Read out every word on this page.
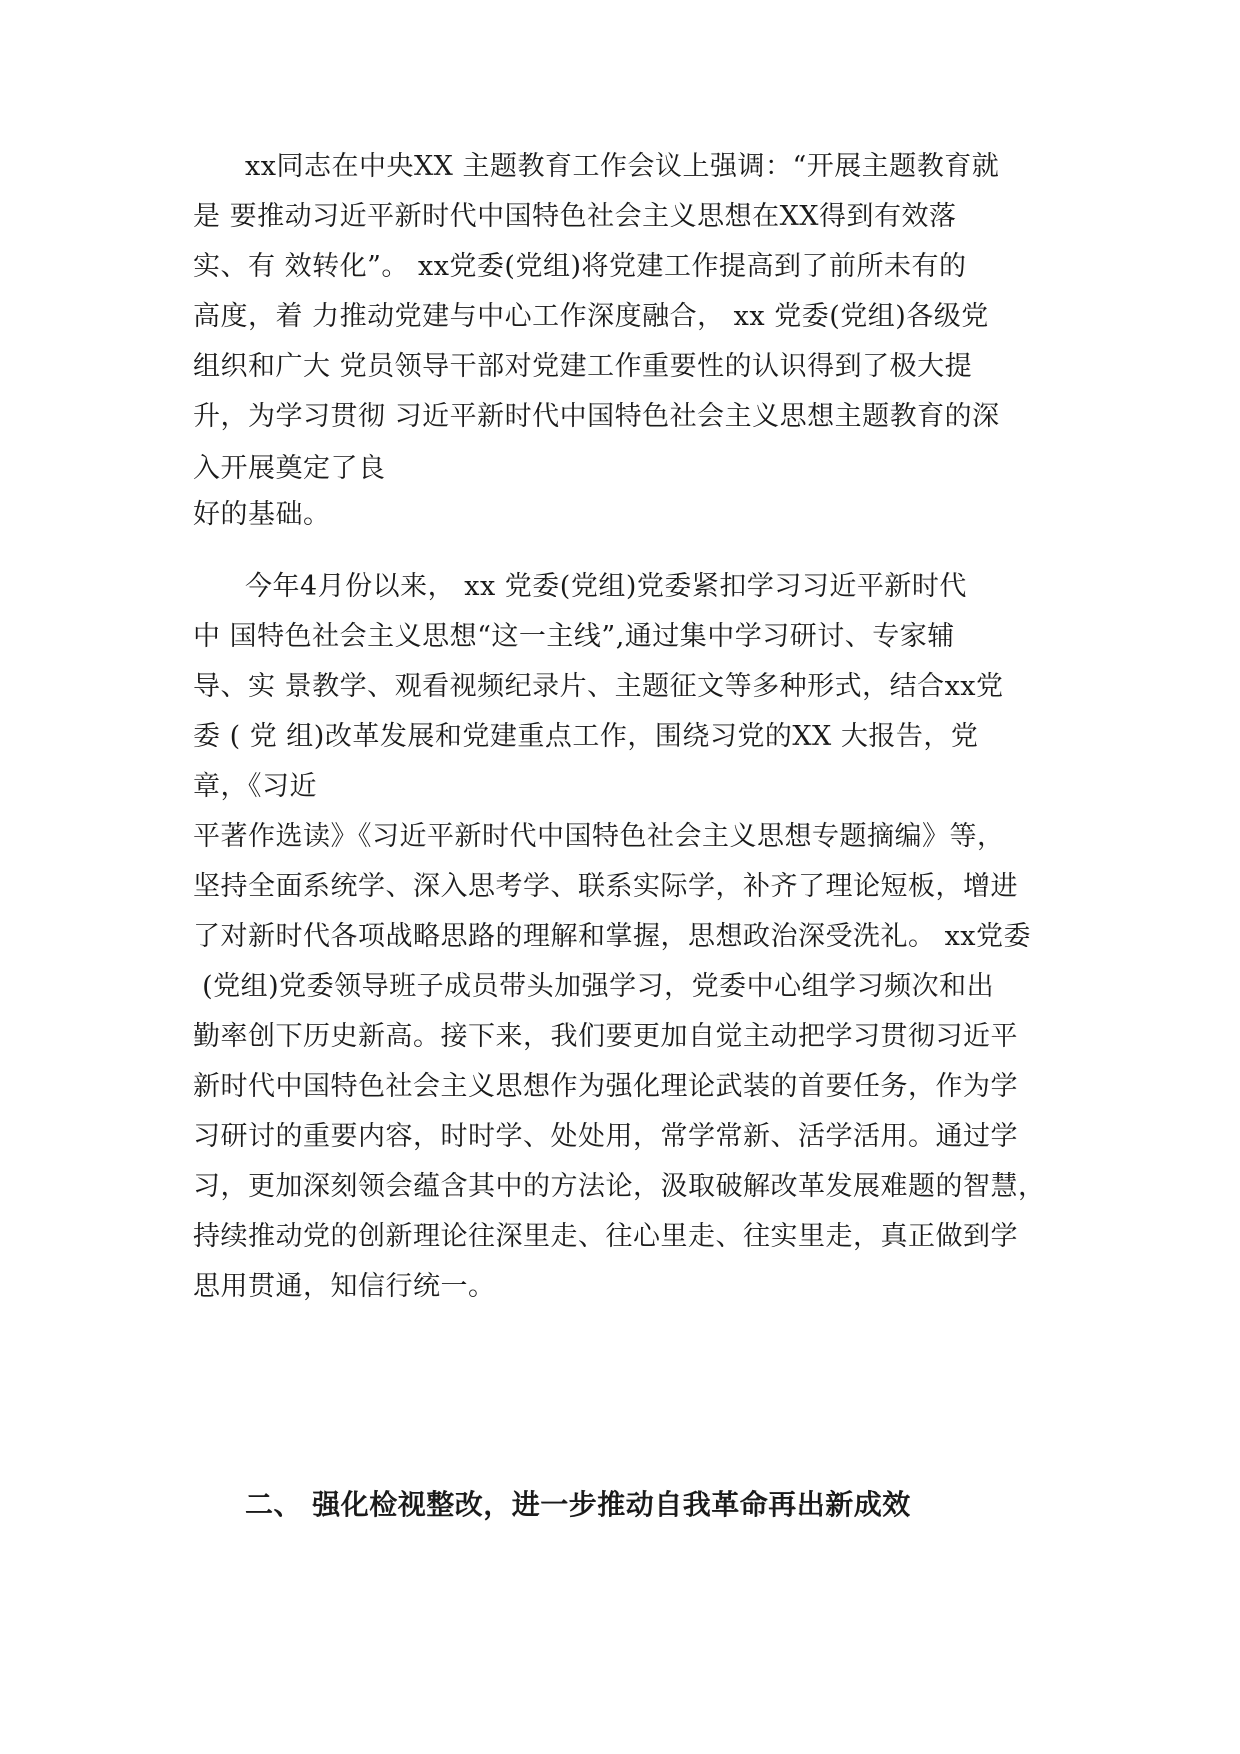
xx同志在中央XX 主题教育工作会议上强调：“开展主题教育就
是 要推动习近平新时代中国特色社会主义思想在XX得到有效落
实、有 效转化”。 xx党委(党组)将党建工作提高到了前所未有的
高度，着 力推动党建与中心工作深度融合， xx 党委(党组)各级党
组织和广大 党员领导干部对党建工作重要性的认识得到了极大提
升，为学习贯彻 习近平新时代中国特色社会主义思想主题教育的深
入开展奠定了良
好的基础。
今年4月份以来， xx 党委(党组)党委紧扣学习习近平新时代
中 国特色社会主义思想“这一主线”,通过集中学习研讨、专家辅
导、实 景教学、观看视频纪录片、主题征文等多种形式，结合xx党
委 ( 党 组)改革发展和党建重点工作，围绕习党的XX 大报告，党
章，《习近
平著作选读》《习近平新时代中国特色社会主义思想专题摘编》等，
坚持全面系统学、深入思考学、联系实际学，补齐了理论短板，增进
了对新时代各项战略思路的理解和掌握，思想政治深受洗礼。 xx党委
(党组)党委领导班子成员带头加强学习，党委中心组学习频次和出
勤率创下历史新高。接下来，我们要更加自觉主动把学习贯彻习近平
新时代中国特色社会主义思想作为强化理论武装的首要任务，作为学
习研讨的重要内容，时时学、处处用，常学常新、活学活用。通过学
习，更加深刻领会蕴含其中的方法论，汲取破解改革发展难题的智慧，
持续推动党的创新理论往深里走、往心里走、往实里走，真正做到学
思用贯通，知信行统一。
二、 强化检视整改，进一步推动自我革命再出新成效
